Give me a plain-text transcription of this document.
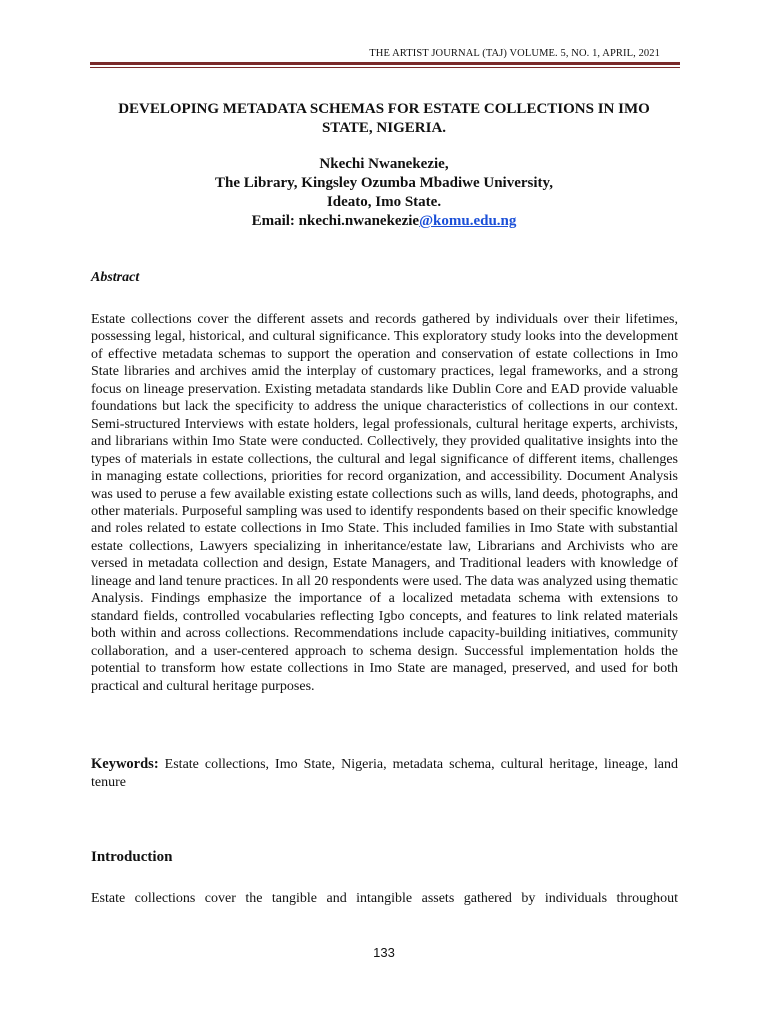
THE ARTIST JOURNAL (TAJ) VOLUME. 5, NO. 1, APRIL, 2021
DEVELOPING METADATA SCHEMAS FOR ESTATE COLLECTIONS IN IMO STATE, NIGERIA.
Nkechi Nwanekezie,
The Library, Kingsley Ozumba Mbadiwe University,
Ideato, Imo State.
Email: nkechi.nwanekezie@komu.edu.ng
Abstract
Estate collections cover the different assets and records gathered by individuals over their lifetimes, possessing legal, historical, and cultural significance. This exploratory study looks into the development of effective metadata schemas to support the operation and conservation of estate collections in Imo State libraries and archives amid the interplay of customary practices, legal frameworks, and a strong focus on lineage preservation. Existing metadata standards like Dublin Core and EAD provide valuable foundations but lack the specificity to address the unique characteristics of collections in our context. Semi-structured Interviews with estate holders, legal professionals, cultural heritage experts, archivists, and librarians within Imo State were conducted. Collectively, they provided qualitative insights into the types of materials in estate collections, the cultural and legal significance of different items, challenges in managing estate collections, priorities for record organization, and accessibility. Document Analysis was used to peruse a few available existing estate collections such as wills, land deeds, photographs, and other materials. Purposeful sampling was used to identify respondents based on their specific knowledge and roles related to estate collections in Imo State. This included families in Imo State with substantial estate collections, Lawyers specializing in inheritance/estate law, Librarians and Archivists who are versed in metadata collection and design, Estate Managers, and Traditional leaders with knowledge of lineage and land tenure practices. In all 20 respondents were used. The data was analyzed using thematic Analysis. Findings emphasize the importance of a localized metadata schema with extensions to standard fields, controlled vocabularies reflecting Igbo concepts, and features to link related materials both within and across collections. Recommendations include capacity-building initiatives, community collaboration, and a user-centered approach to schema design. Successful implementation holds the potential to transform how estate collections in Imo State are managed, preserved, and used for both practical and cultural heritage purposes.
Keywords: Estate collections, Imo State, Nigeria, metadata schema, cultural heritage, lineage, land tenure
Introduction
Estate collections cover the tangible and intangible assets gathered by individuals throughout
133
